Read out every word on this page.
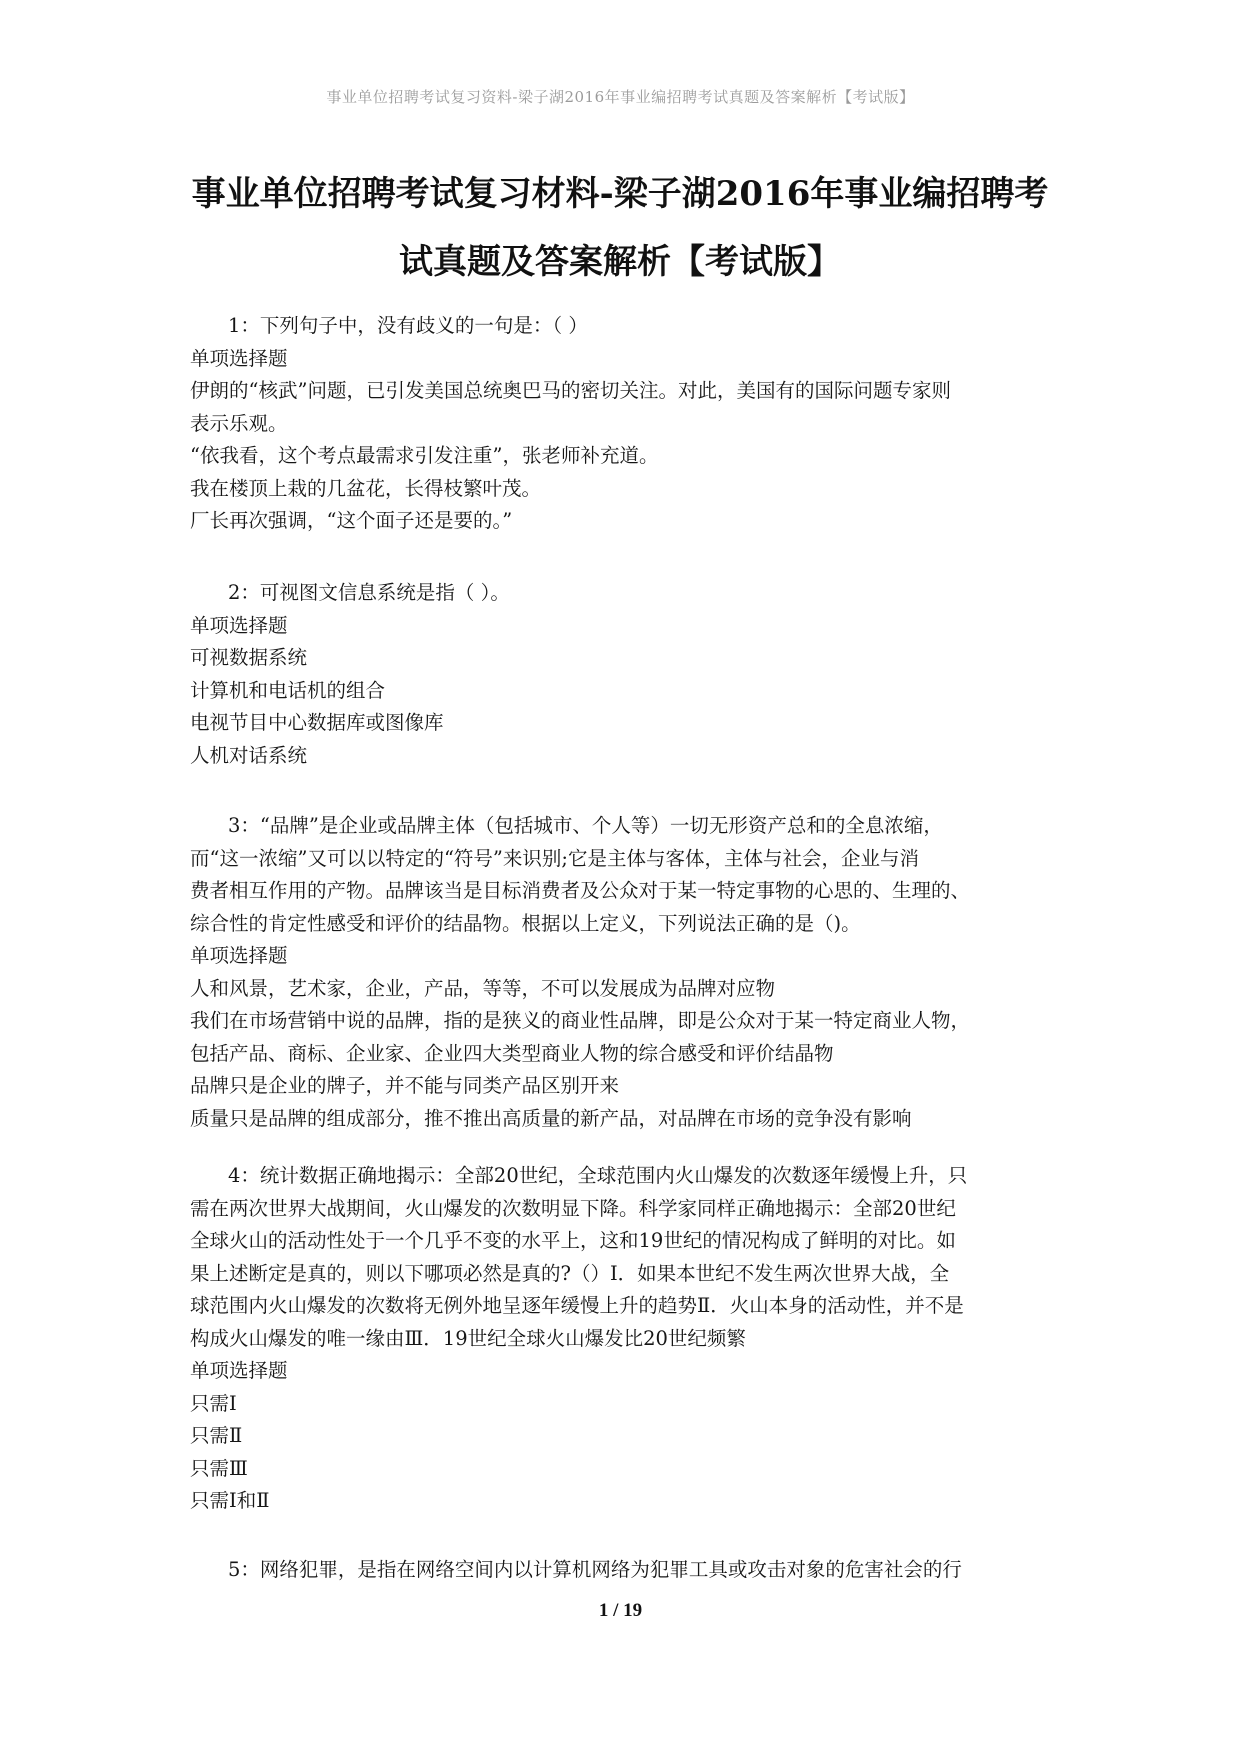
事业单位招聘考试复习资料-梁子湖2016年事业编招聘考试真题及答案解析【考试版】
事业单位招聘考试复习材料-梁子湖2016年事业编招聘考
试真题及答案解析【考试版】
1：下列句子中，没有歧义的一句是：（ ）
单项选择题
伊朗的“核武”问题，已引发美国总统奥巴马的密切关注。对此，美国有的国际问题专家则
表示乐观。
“依我看，这个考点最需求引发注重”，张老师补充道。
我在楼顶上栽的几盆花，长得枝繁叶茂。
厂长再次强调，“这个面子还是要的。”
2：可视图文信息系统是指（ ）。
单项选择题
可视数据系统
计算机和电话机的组合
电视节目中心数据库或图像库
人机对话系统
3：“品牌”是企业或品牌主体（包括城市、个人等）一切无形资产总和的全息浓缩，
而“这一浓缩”又可以以特定的“符号”来识别;它是主体与客体，主体与社会，企业与消
费者相互作用的产物。品牌该当是目标消费者及公众对于某一特定事物的心思的、生理的、
综合性的肯定性感受和评价的结晶物。根据以上定义，下列说法正确的是（)。
单项选择题
人和风景，艺术家，企业，产品，等等，不可以发展成为品牌对应物
我们在市场营销中说的品牌，指的是狭义的商业性品牌，即是公众对于某一特定商业人物，
包括产品、商标、企业家、企业四大类型商业人物的综合感受和评价结晶物
品牌只是企业的牌子，并不能与同类产品区别开来
质量只是品牌的组成部分，推不推出高质量的新产品，对品牌在市场的竞争没有影响
4：统计数据正确地揭示：全部20世纪，全球范围内火山爆发的次数逐年缓慢上升，只
需在两次世界大战期间，火山爆发的次数明显下降。科学家同样正确地揭示：全部20世纪
全球火山的活动性处于一个几乎不变的水平上，这和19世纪的情况构成了鲜明的对比。如
果上述断定是真的，则以下哪项必然是真的?（）Ⅰ．如果本世纪不发生两次世界大战，全
球范围内火山爆发的次数将无例外地呈逐年缓慢上升的趋势Ⅱ．火山本身的活动性，并不是
构成火山爆发的唯一缘由Ⅲ．19世纪全球火山爆发比20世纪频繁
单项选择题
只需Ⅰ
只需Ⅱ
只需Ⅲ
只需Ⅰ和Ⅱ
5：网络犯罪，是指在网络空间内以计算机网络为犯罪工具或攻击对象的危害社会的行
1 / 19
